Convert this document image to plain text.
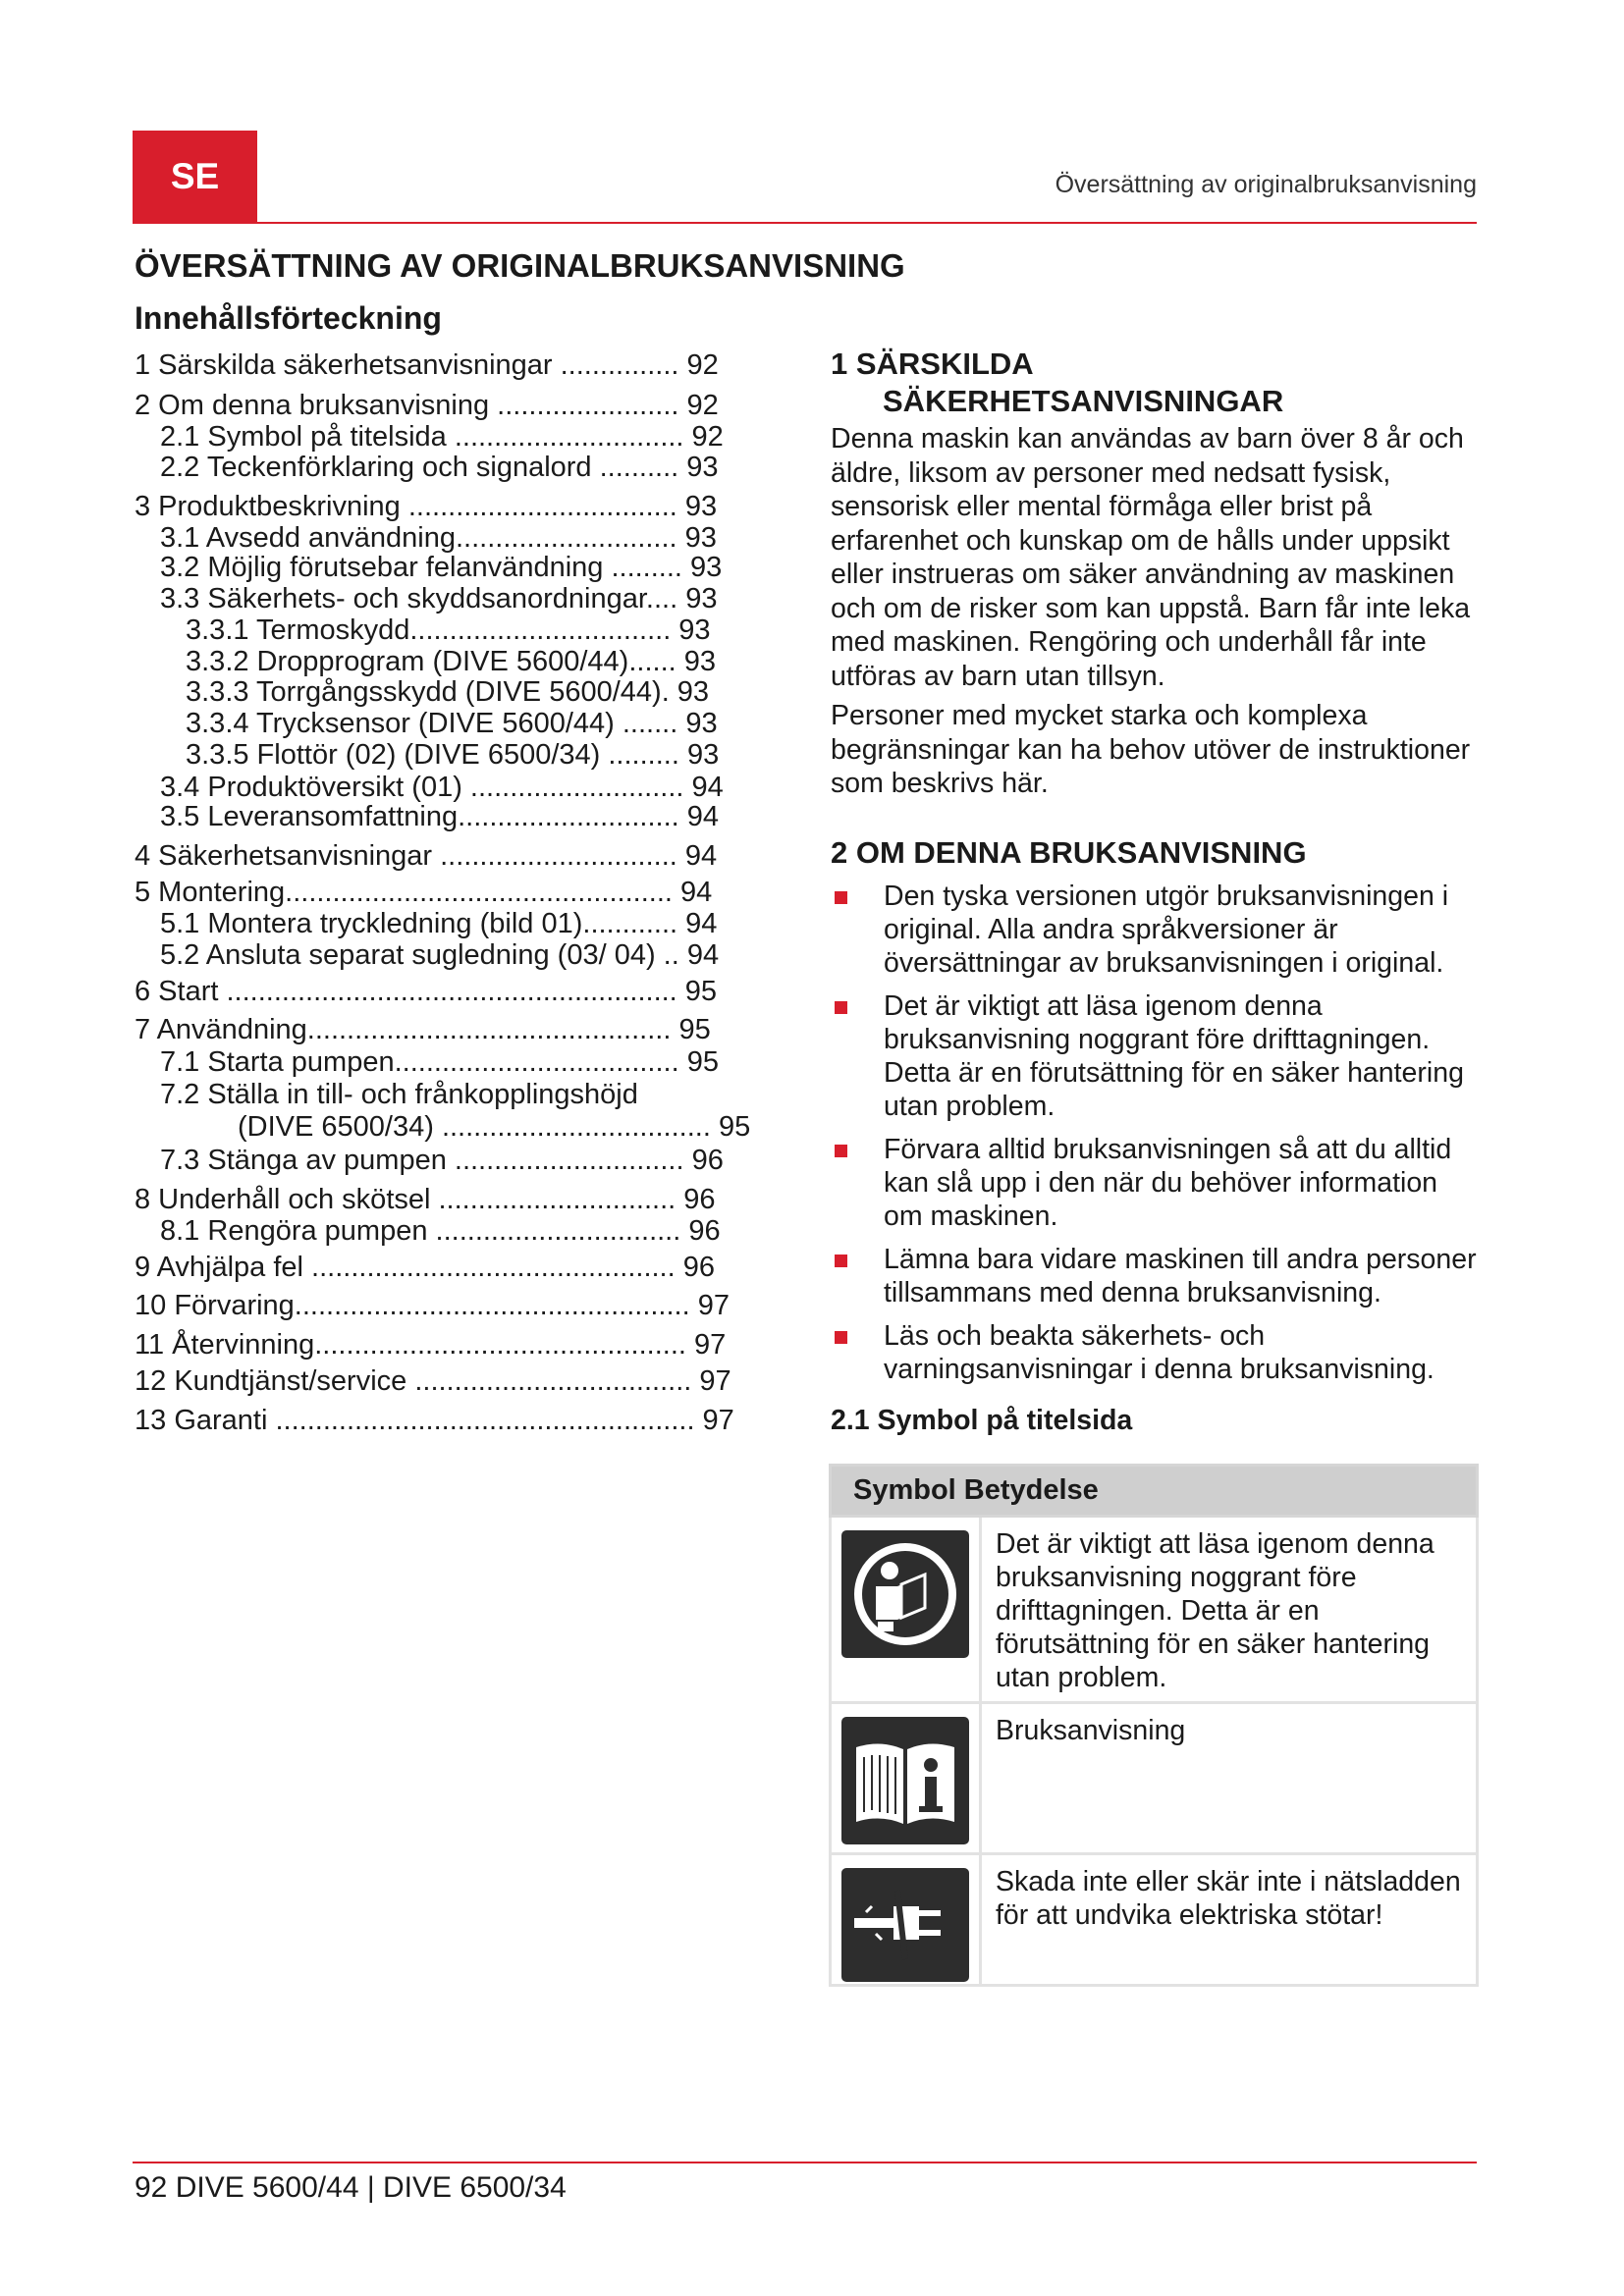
SE	Översättning av originalbruksanvisning
ÖVERSÄTTNING AV ORIGINALBRUKSANVISNING
Innehållsförteckning
1 Särskilda säkerhetsanvisningar ............... 92
2 Om denna bruksanvisning ....................... 92
2.1 Symbol på titelsida ............................. 92
2.2 Teckenförklaring och signalord .......... 93
3 Produktbeskrivning .................................. 93
3.1 Avsedd användning............................ 93
3.2 Möjlig förutsebar felanvändning ......... 93
3.3 Säkerhets- och skyddsanordningar.... 93
3.3.1 Termoskydd................................. 93
3.3.2 Dropprogram (DIVE 5600/44)...... 93
3.3.3 Torrgångsskydd (DIVE 5600/44). 93
3.3.4 Trycksensor (DIVE 5600/44) ....... 93
3.3.5 Flottör (02) (DIVE 6500/34) ......... 93
3.4 Produktöversikt (01) ........................... 94
3.5 Leveransomfattning............................ 94
4 Säkerhetsanvisningar .............................. 94
5 Montering................................................. 94
5.1 Montera tryckledning (bild 01)............ 94
5.2 Ansluta separat sugledning (03/ 04) .. 94
6 Start ......................................................... 95
7 Användning.............................................. 95
7.1 Starta pumpen.................................... 95
7.2 Ställa in till- och frånkopplingshöjd
(DIVE 6500/34) .................................. 95
7.3 Stänga av pumpen ............................. 96
8 Underhåll och skötsel .............................. 96
8.1 Rengöra pumpen ............................... 96
9 Avhjälpa fel .............................................. 96
10 Förvaring.................................................. 97
11 Återvinning............................................... 97
12 Kundtjänst/service ................................... 97
13 Garanti ..................................................... 97
1 SÄRSKILDA
SÄKERHETSANVISNINGAR

Denna maskin kan användas av barn över 8 år och äldre, liksom av personer med nedsatt fysisk, sensorisk eller mental förmåga eller brist på erfarenhet och kunskap om de hålls under uppsikt eller instrueras om säker användning av maskinen och om de risker som kan uppstå. Barn får inte leka med maskinen. Rengöring och underhåll får inte utföras av barn utan tillsyn.

Personer med mycket starka och komplexa begränsningar kan ha behov utöver de instruktioner som beskrivs här.

2 OM DENNA BRUKSANVISNING
Den tyska versionen utgör bruksanvisningen i original. Alla andra språkversioner är översättningar av bruksanvisningen i original.
Det är viktigt att läsa igenom denna bruksanvisning noggrant före drifttagningen. Detta är en förutsättning för en säker hantering utan problem.
Förvara alltid bruksanvisningen så att du alltid kan slå upp i den när du behöver information om maskinen.
Lämna bara vidare maskinen till andra personer tillsammans med denna bruksanvisning.
Läs och beakta säkerhets- och varningsanvisningar i denna bruksanvisning.
2.1 Symbol på titelsida
Symbol Betydelse	

	Det är viktigt att läsa igenom denna bruksanvisning noggrant före drifttagningen. Detta är en förutsättning för en säker hantering utan problem.

	Bruksanvisning

	Skada inte eller skär inte i nätsladden för att undvika elektriska stötar!
92 DIVE 5600/44 | DIVE 6500/34
